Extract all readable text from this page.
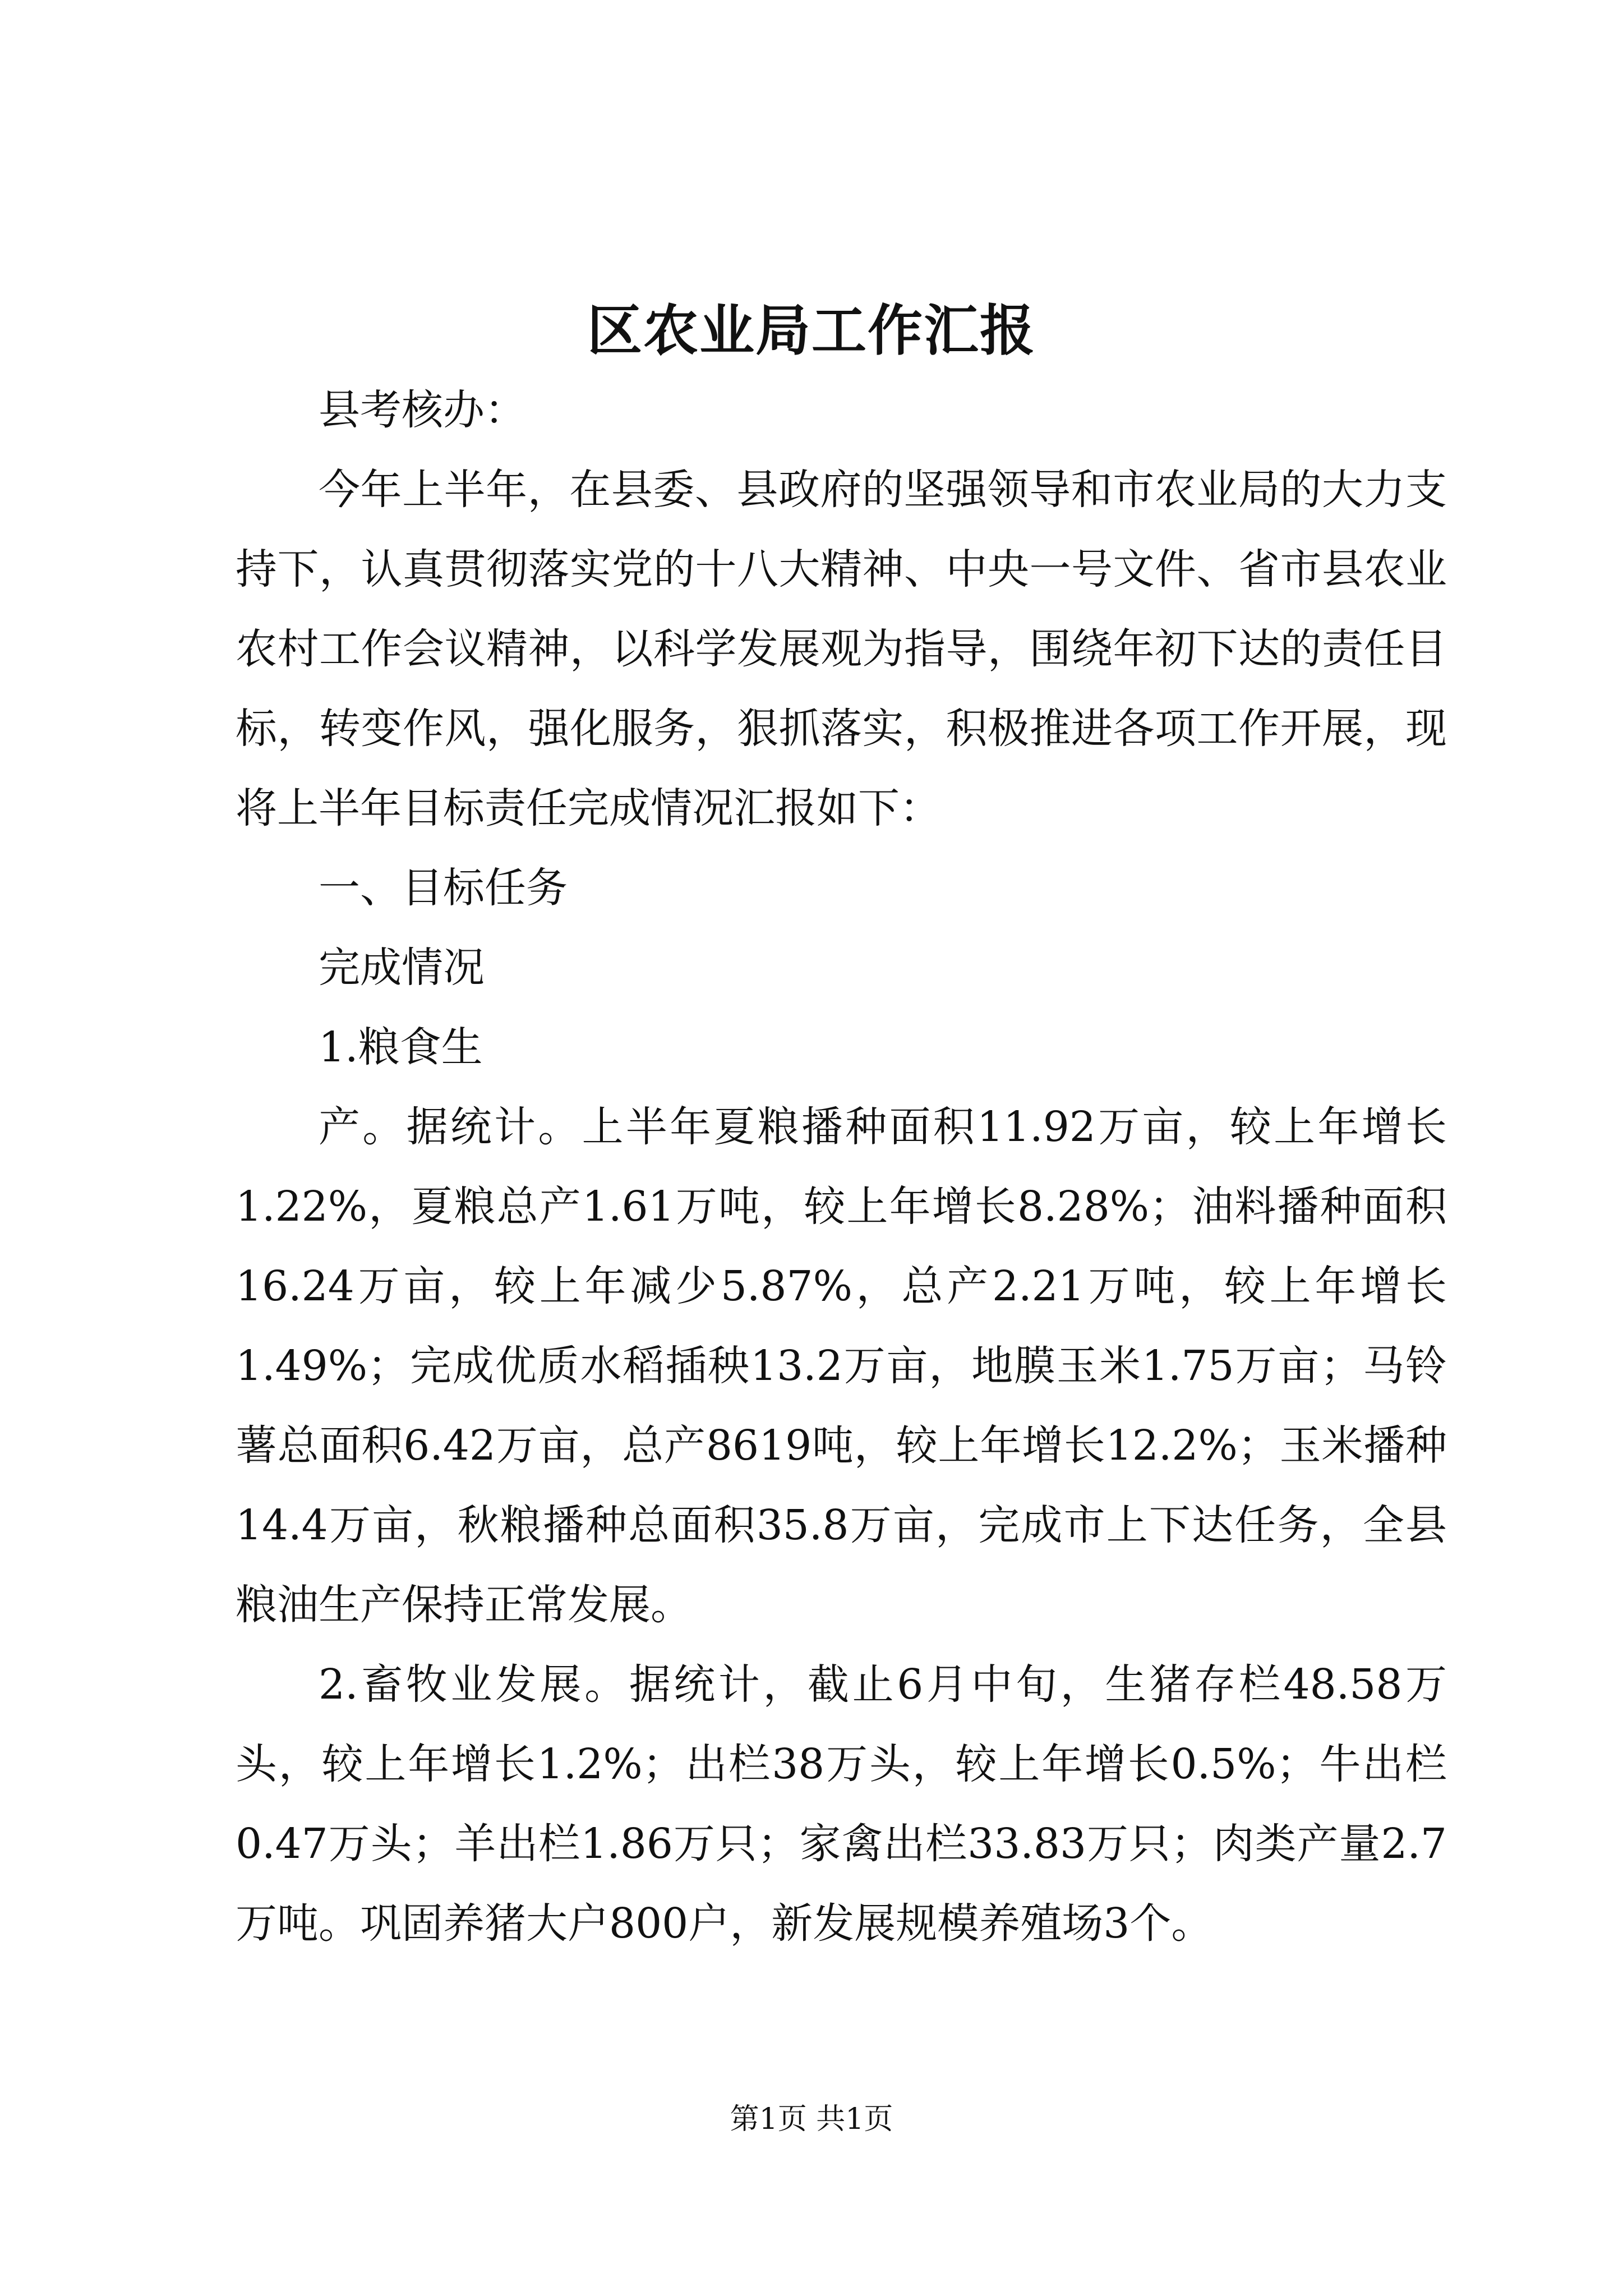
区农业局工作汇报

县考核办：

今年上半年，在县委、县政府的坚强领导和市农业局的大力支持下，认真贯彻落实党的十八大精神、中央一号文件、省市县农业农村工作会议精神，以科学发展观为指导，围绕年初下达的责任目标，转变作风，强化服务，狠抓落实，积极推进各项工作开展，现将上半年目标责任完成情况汇报如下：

一、目标任务

完成情况

1.粮食生

产。据统计。上半年夏粮播种面积11.92万亩，较上年增长1.22%，夏粮总产1.61万吨，较上年增长8.28%；油料播种面积16.24万亩，较上年减少5.87%，总产2.21万吨，较上年增长1.49%；完成优质水稻插秧13.2万亩，地膜玉米1.75万亩；马铃薯总面积6.42万亩，总产8619吨，较上年增长12.2%；玉米播种14.4万亩，秋粮播种总面积35.8万亩，完成市上下达任务，全县粮油生产保持正常发展。

2.畜牧业发展。据统计，截止6月中旬，生猪存栏48.58万头，较上年增长1.2%；出栏38万头，较上年增长0.5%；牛出栏0.47万头；羊出栏1.86万只；家禽出栏33.83万只；肉类产量2.7万吨。巩固养猪大户800户，新发展规模养殖场3个。

第1页 共1页
